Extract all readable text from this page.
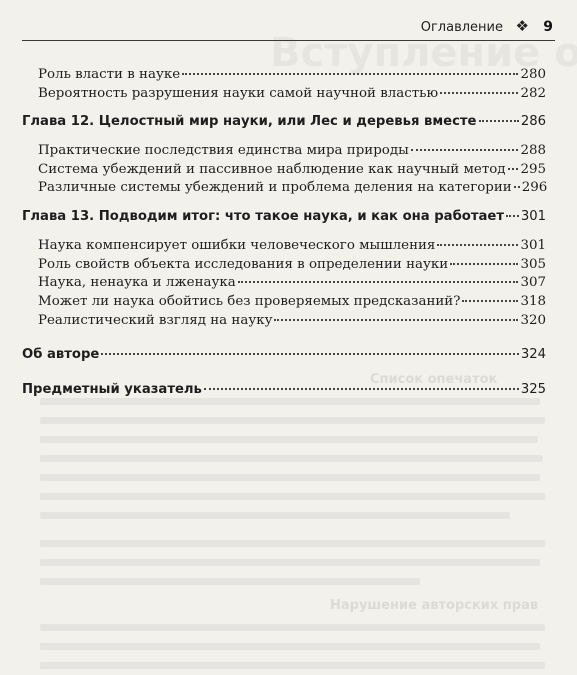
Список опечаток
Нарушение авторских прав
Оглавление ❖ 9
Роль власти в науке	280
Вероятность разрушения науки самой научной властью	282
Глава 12. Целостный мир науки, или Лес и деревья вместе	286
Практические последствия единства мира природы	288
Система убеждений и пассивное наблюдение как научный метод 295
Различные системы убеждений и проблема деления на категории 296
Глава 13. Подводим итог: что такое наука, и как она работает 301
Наука компенсирует ошибки человеческого мышления	301
Роль свойств объекта исследования в определении науки	305
Наука, ненаука и лженаука	307
Может ли наука обойтись без проверяемых предсказаний?	318
Реалистический взгляд на науку	320
Об авторе	324
Предметный указатель	325
